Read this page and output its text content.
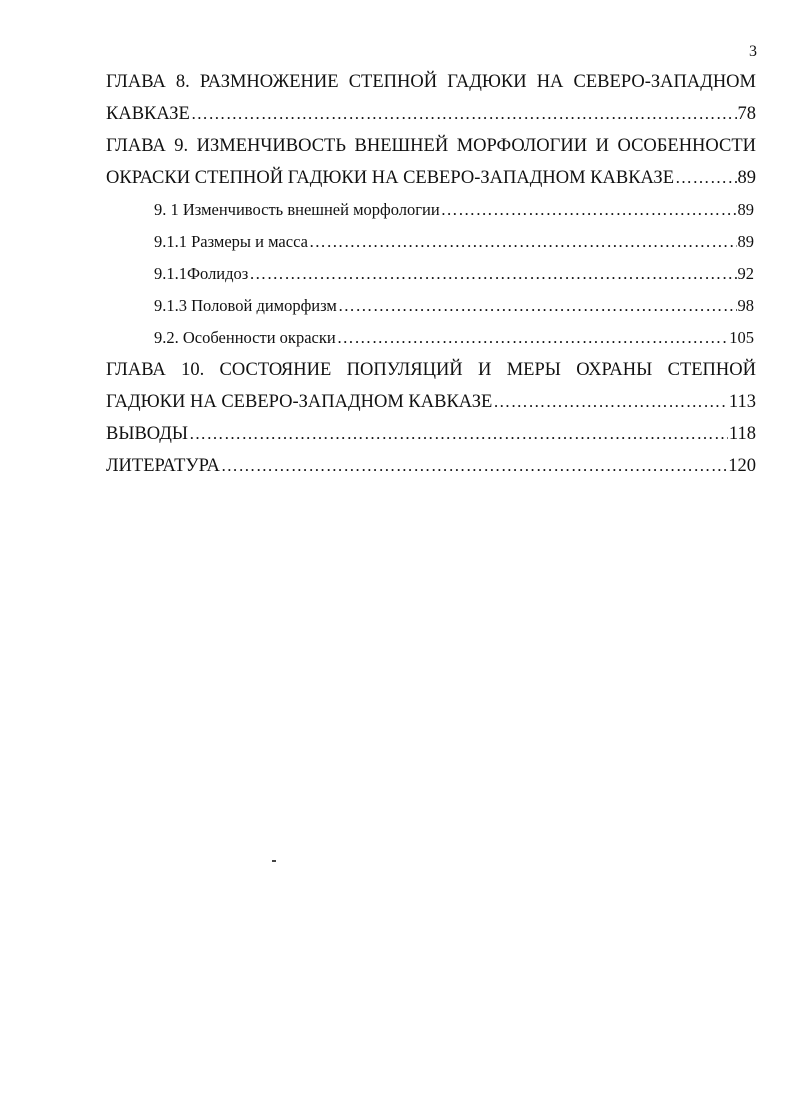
3
ГЛАВА 8. РАЗМНОЖЕНИЕ СТЕПНОЙ ГАДЮКИ НА СЕВЕРО-ЗАПАДНОМ
КАВКАЗЕ ……………………………………………………………………………………………………………………………………………………	78
ГЛАВА 9. ИЗМЕНЧИВОСТЬ ВНЕШНЕЙ МОРФОЛОГИИ И ОСОБЕННОСТИ
ОКРАСКИ СТЕПНОЙ ГАДЮКИ НА СЕВЕРО-ЗАПАДНОМ КАВКАЗЕ ……………………………………………………………………………………………………………………………………………………	89
9. 1 Изменчивость внешней морфологии ……………………………………………………………………………………………………………………………………………………	89
9.1.1 Размеры и масса ……………………………………………………………………………………………………………………………………………………	89
9.1.1Фолидоз ……………………………………………………………………………………………………………………………………………………	92
9.1.3 Половой диморфизм ……………………………………………………………………………………………………………………………………………………	98
9.2. Особенности окраски ……………………………………………………………………………………………………………………………………………………	105
ГЛАВА 10. СОСТОЯНИЕ ПОПУЛЯЦИЙ И МЕРЫ ОХРАНЫ СТЕПНОЙ
ГАДЮКИ НА СЕВЕРО-ЗАПАДНОМ КАВКАЗЕ ……………………………………………………………………………………………………………………………………………………	113
ВЫВОДЫ ……………………………………………………………………………………………………………………………………………………	118
ЛИТЕРАТУРА ……………………………………………………………………………………………………………………………………………………	120
